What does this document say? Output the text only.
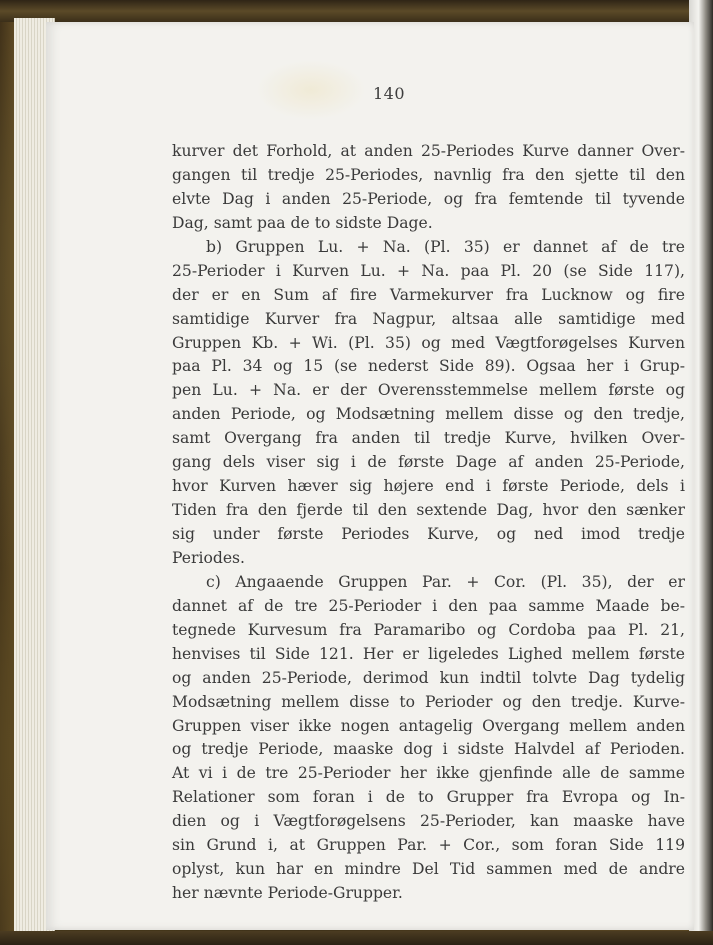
140
kurver det Forhold, at anden 25-Periodes Kurve danner Over-
gangen til tredje 25-Periodes, navnlig fra den sjette til den
elvte Dag i anden 25-Periode, og fra femtende til tyvende
Dag, samt paa de to sidste Dage.
b) Gruppen Lu. + Na. (Pl. 35) er dannet af de tre
25-Perioder i Kurven Lu. + Na. paa Pl. 20 (se Side 117),
der er en Sum af fire Varmekurver fra Lucknow og fire
samtidige Kurver fra Nagpur, altsaa alle samtidige med
Gruppen Kb. + Wi. (Pl. 35) og med Vægtforøgelses Kurven
paa Pl. 34 og 15 (se nederst Side 89). Ogsaa her i Grup-
pen Lu. + Na. er der Overensstemmelse mellem første og
anden Periode, og Modsætning mellem disse og den tredje,
samt Overgang fra anden til tredje Kurve, hvilken Over-
gang dels viser sig i de første Dage af anden 25-Periode,
hvor Kurven hæver sig højere end i første Periode, dels i
Tiden fra den fjerde til den sextende Dag, hvor den sænker
sig under første Periodes Kurve, og ned imod tredje
Periodes.
c) Angaaende Gruppen Par. + Cor. (Pl. 35), der er
dannet af de tre 25-Perioder i den paa samme Maade be-
tegnede Kurvesum fra Paramaribo og Cordoba paa Pl. 21,
henvises til Side 121. Her er ligeledes Lighed mellem første
og anden 25-Periode, derimod kun indtil tolvte Dag tydelig
Modsætning mellem disse to Perioder og den tredje. Kurve-
Gruppen viser ikke nogen antagelig Overgang mellem anden
og tredje Periode, maaske dog i sidste Halvdel af Perioden.
At vi i de tre 25-Perioder her ikke gjenfinde alle de samme
Relationer som foran i de to Grupper fra Evropa og In-
dien og i Vægtforøgelsens 25-Perioder, kan maaske have
sin Grund i, at Gruppen Par. + Cor., som foran Side 119
oplyst, kun har en mindre Del Tid sammen med de andre
her nævnte Periode-Grupper.
